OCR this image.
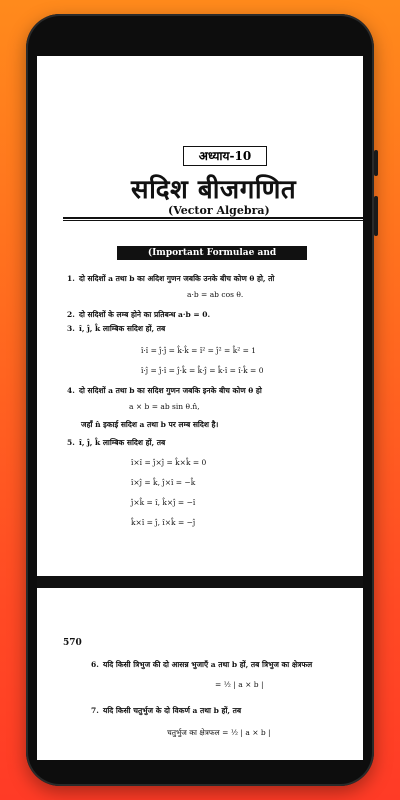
अध्याय-10
सदिश बीजगणित
(Vector Algebra)
(Important Formulae and Definitions)
1. दो सदिशों a तथा b का अदिश गुणन जबकि उनके बीच कोण θ हो, तो
a·b = ab cos θ.
2. दो सदिशों के लम्ब होने का प्रतिबन्ध a·b = 0.
3. î, ĵ, k̂ लाम्बिक सदिश हों, तब
î·î = ĵ·ĵ = k̂·k̂ = î² = ĵ² = k̂² = 1
î·ĵ = ĵ·î = ĵ·k̂ = k̂·ĵ = k̂·î = î·k̂ = 0
4. दो सदिशों a तथा b का सदिश गुणन जबकि इनके बीच कोण θ हो
a × b = ab sin θ.n̂,
जहाँ n̂ इकाई सदिश a तथा b पर लम्ब सदिश है।
5. î, ĵ, k̂ लाम्बिक सदिश हों, तब
î×î = ĵ×ĵ = k̂×k̂ = 0
î×ĵ = k̂, ĵ×î = −k̂
ĵ×k̂ = î, k̂×ĵ = −î
k̂×î = ĵ, î×k̂ = −ĵ
570
6. यदि किसी त्रिभुज की दो आसन्न भुजाएँ a तथा b हों, तब त्रिभुज का क्षेत्रफल
= ½ | a × b |
7. यदि किसी चतुर्भुज के दो विकर्ण a तथा b हों, तब
चतुर्भुज का क्षेत्रफल = ½ | a × b |
